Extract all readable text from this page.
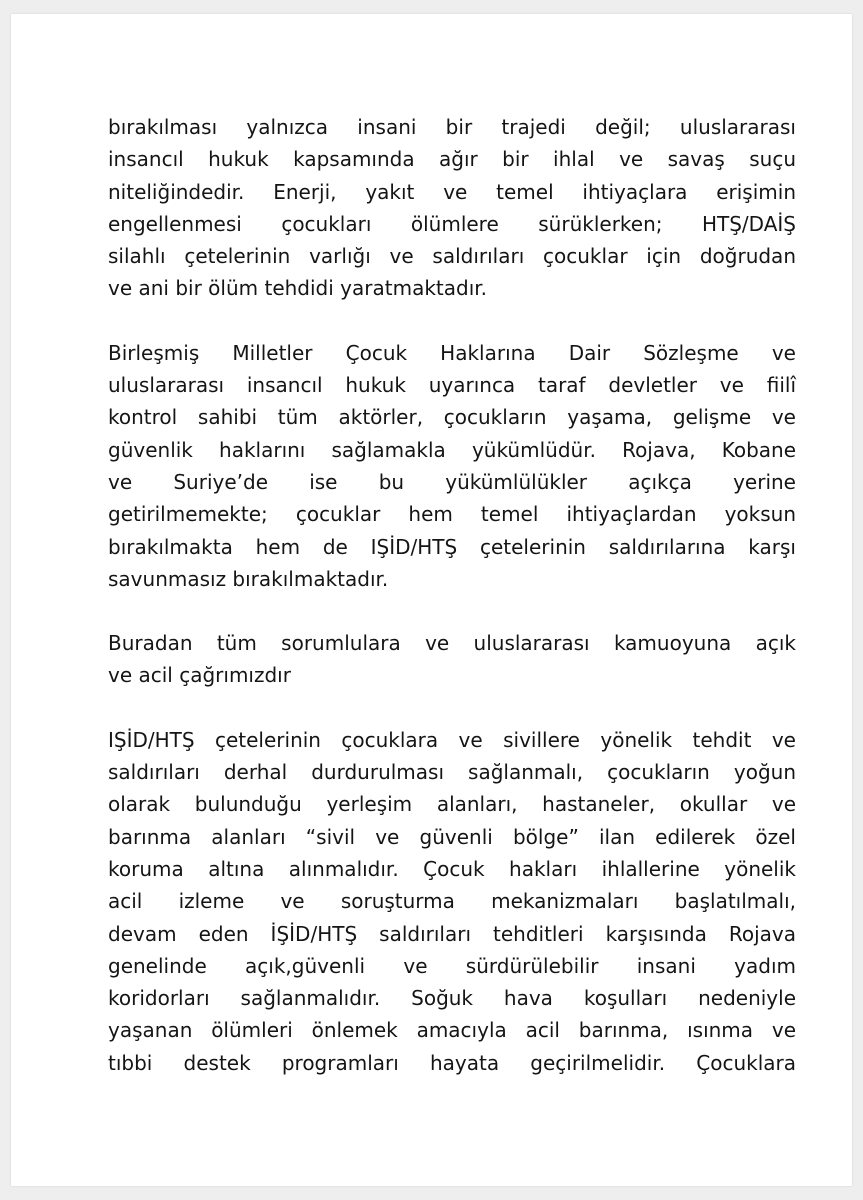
bırakılması yalnızca insani bir trajedi değil; uluslararası
insancıl hukuk kapsamında ağır bir ihlal ve savaş suçu
niteliğindedir. Enerji, yakıt ve temel ihtiyaçlara erişimin
engellenmesi çocukları ölümlere sürüklerken; HTŞ/DAİŞ
silahlı çetelerinin varlığı ve saldırıları çocuklar için doğrudan
ve ani bir ölüm tehdidi yaratmaktadır.

Birleşmiş Milletler Çocuk Haklarına Dair Sözleşme ve
uluslararası insancıl hukuk uyarınca taraf devletler ve fiilî
kontrol sahibi tüm aktörler, çocukların yaşama, gelişme ve
güvenlik haklarını sağlamakla yükümlüdür. Rojava, Kobane
ve Suriye’de ise bu yükümlülükler açıkça yerine
getirilmemekte; çocuklar hem temel ihtiyaçlardan yoksun
bırakılmakta hem de IŞİD/HTŞ çetelerinin saldırılarına karşı
savunmasız bırakılmaktadır.

Buradan tüm sorumlulara ve uluslararası kamuoyuna açık
ve acil çağrımızdır

IŞİD/HTŞ çetelerinin çocuklara ve sivillere yönelik tehdit ve
saldırıları derhal durdurulması sağlanmalı, çocukların yoğun
olarak bulunduğu yerleşim alanları, hastaneler, okullar ve
barınma alanları “sivil ve güvenli bölge” ilan edilerek özel
koruma altına alınmalıdır. Çocuk hakları ihlallerine yönelik
acil izleme ve soruşturma mekanizmaları başlatılmalı,
devam eden İŞİD/HTŞ saldırıları tehditleri karşısında Rojava
genelinde açık,güvenli ve sürdürülebilir insani yadım
koridorları sağlanmalıdır. Soğuk hava koşulları nedeniyle
yaşanan ölümleri önlemek amacıyla acil barınma, ısınma ve
tıbbi destek programları hayata geçirilmelidir. Çocuklara
